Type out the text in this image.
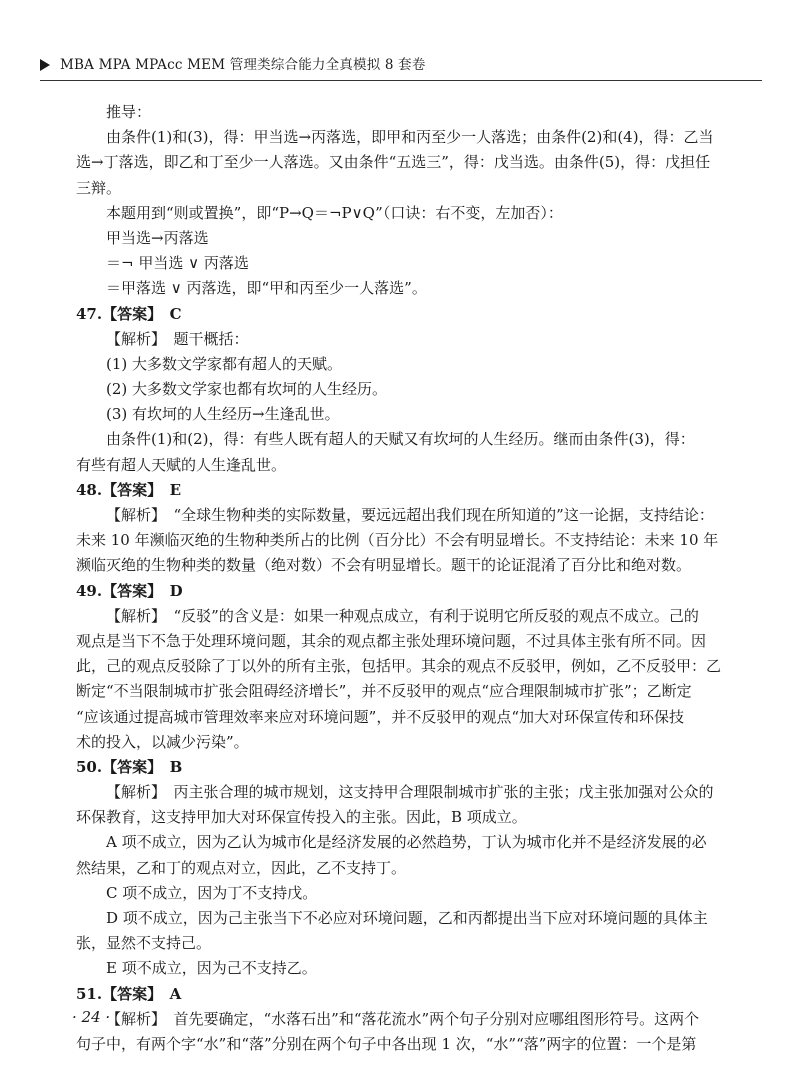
MBA MPA MPAcc MEM 管理类综合能力全真模拟 8 套卷
推导：
由条件(1)和(3)，得：甲当选→丙落选，即甲和丙至少一人落选；由条件(2)和(4)，得：乙当
选→丁落选，即乙和丁至少一人落选。又由条件“五选三”，得：戊当选。由条件(5)，得：戊担任
三辩。
本题用到“则或置换”，即“P→Q＝¬P∨Q”（口诀：右不变，左加否）：
甲当选→丙落选
＝¬ 甲当选 ∨ 丙落选
＝甲落选 ∨ 丙落选，即“甲和丙至少一人落选”。
47.【答案】　C
【解析】　题干概括：
(1) 大多数文学家都有超人的天赋。
(2) 大多数文学家也都有坎坷的人生经历。
(3) 有坎坷的人生经历→生逢乱世。
由条件(1)和(2)，得：有些人既有超人的天赋又有坎坷的人生经历。继而由条件(3)，得：
有些有超人天赋的人生逢乱世。
48.【答案】　E
【解析】　“全球生物种类的实际数量，要远远超出我们现在所知道的”这一论据，支持结论：
未来 10 年濒临灭绝的生物种类所占的比例（百分比）不会有明显增长。不支持结论：未来 10 年
濒临灭绝的生物种类的数量（绝对数）不会有明显增长。题干的论证混淆了百分比和绝对数。
49.【答案】　D
【解析】　“反驳”的含义是：如果一种观点成立，有利于说明它所反驳的观点不成立。己的
观点是当下不急于处理环境问题，其余的观点都主张处理环境问题，不过具体主张有所不同。因
此，己的观点反驳除了丁以外的所有主张，包括甲。其余的观点不反驳甲，例如，乙不反驳甲：乙
断定“不当限制城市扩张会阻碍经济增长”，并不反驳甲的观点“应合理限制城市扩张”；乙断定
“应该通过提高城市管理效率来应对环境问题”，并不反驳甲的观点“加大对环保宣传和环保技
术的投入，以减少污染”。
50.【答案】　B
【解析】　丙主张合理的城市规划，这支持甲合理限制城市扩张的主张；戊主张加强对公众的
环保教育，这支持甲加大对环保宣传投入的主张。因此，B 项成立。
A 项不成立，因为乙认为城市化是经济发展的必然趋势，丁认为城市化并不是经济发展的必
然结果，乙和丁的观点对立，因此，乙不支持丁。
C 项不成立，因为丁不支持戊。
D 项不成立，因为己主张当下不必应对环境问题，乙和丙都提出当下应对环境问题的具体主
张，显然不支持己。
E 项不成立，因为己不支持乙。
51.【答案】　A
【解析】　首先要确定，“水落石出”和“落花流水”两个句子分别对应哪组图形符号。这两个
句子中，有两个字“水”和“落”分别在两个句子中各出现 1 次，“水”“落”两字的位置：一个是第
· 24 ·
